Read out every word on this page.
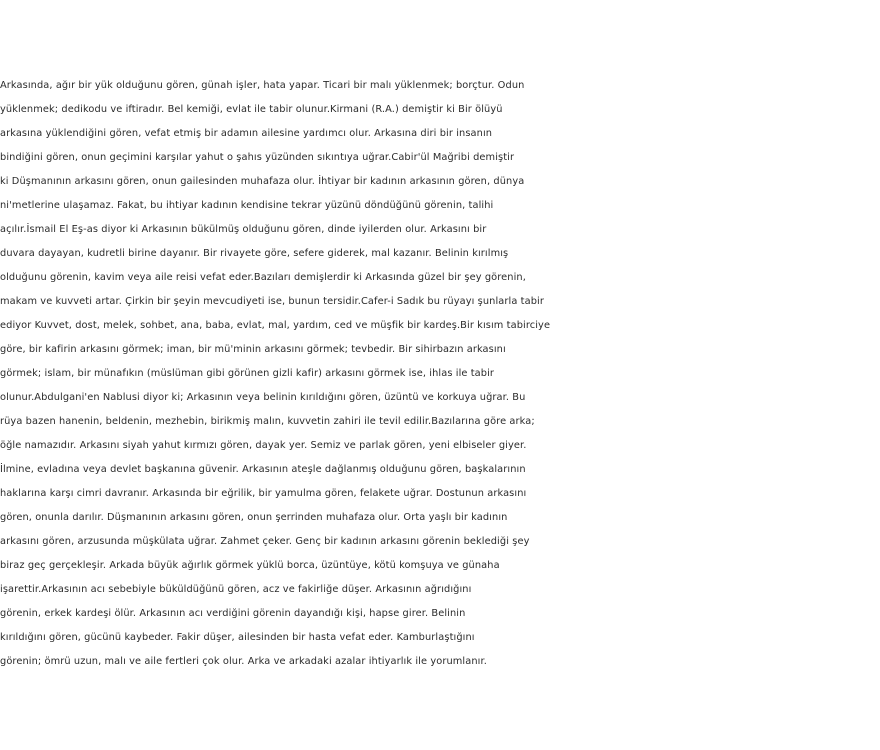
Arkasında, ağır bir yük olduğunu gören, günah işler, hata yapar. Ticari bir malı yüklenmek; borçtur. Odun
yüklenmek; dedikodu ve iftiradır. Bel kemiği, evlat ile tabir olunur.Kirmani (R.A.) demiştir ki Bir ölüyü
arkasına yüklendiğini gören, vefat etmiş bir adamın ailesine yardımcı olur. Arkasına diri bir insanın
bindiğini gören, onun geçimini karşılar yahut o şahıs yüzünden sıkıntıya uğrar.Cabir'ül Mağribi demiştir
ki Düşmanının arkasını gören, onun gailesinden muhafaza olur. İhtiyar bir kadının arkasının gören, dünya
ni'metlerine ulaşamaz. Fakat, bu ihtiyar kadının kendisine tekrar yüzünü döndüğünü görenin, talihi
açılır.İsmail El Eş-as diyor ki Arkasının bükülmüş olduğunu gören, dinde iyilerden olur. Arkasını bir
duvara dayayan, kudretli birine dayanır. Bir rivayete göre, sefere giderek, mal kazanır. Belinin kırılmış
olduğunu görenin, kavim veya aile reisi vefat eder.Bazıları demişlerdir ki Arkasında güzel bir şey görenin,
makam ve kuvveti artar. Çirkin bir şeyin mevcudiyeti ise, bunun tersidir.Cafer-i Sadık bu rüyayı şunlarla tabir
ediyor Kuvvet, dost, melek, sohbet, ana, baba, evlat, mal, yardım, ced ve müşfik bir kardeş.Bir kısım tabirciye
göre, bir kafirin arkasını görmek; iman, bir mü'minin arkasını görmek; tevbedir. Bir sihirbazın arkasını
görmek; islam, bir münafıkın (müslüman gibi görünen gizli kafir) arkasını görmek ise, ihlas ile tabir
olunur.Abdulgani'en Nablusi diyor ki; Arkasının veya belinin kırıldığını gören, üzüntü ve korkuya uğrar. Bu
rüya bazen hanenin, beldenin, mezhebin, birikmiş malın, kuvvetin zahiri ile tevil edilir.Bazılarına göre arka;
öğle namazıdır. Arkasını siyah yahut kırmızı gören, dayak yer. Semiz ve parlak gören, yeni elbiseler giyer.
İlmine, evladına veya devlet başkanına güvenir. Arkasının ateşle dağlanmış olduğunu gören, başkalarının
haklarına karşı cimri davranır. Arkasında bir eğrilik, bir yamulma gören, felakete uğrar. Dostunun arkasını
gören, onunla darılır. Düşmanının arkasını gören, onun şerrinden muhafaza olur. Orta yaşlı bir kadının
arkasını gören, arzusunda müşkülata uğrar. Zahmet çeker. Genç bir kadının arkasını görenin beklediği şey
biraz geç gerçekleşir. Arkada büyük ağırlık görmek yüklü borca, üzüntüye, kötü komşuya ve günaha
işarettir.Arkasının acı sebebiyle büküldüğünü gören, acz ve fakirliğe düşer. Arkasının ağrıdığını
görenin, erkek kardeşi ölür. Arkasının acı verdiğini görenin dayandığı kişi, hapse girer. Belinin
kırıldığını gören, gücünü kaybeder. Fakir düşer, ailesinden bir hasta vefat eder. Kamburlaştığını
görenin; ömrü uzun, malı ve aile fertleri çok olur. Arka ve arkadaki azalar ihtiyarlık ile yorumlanır.
